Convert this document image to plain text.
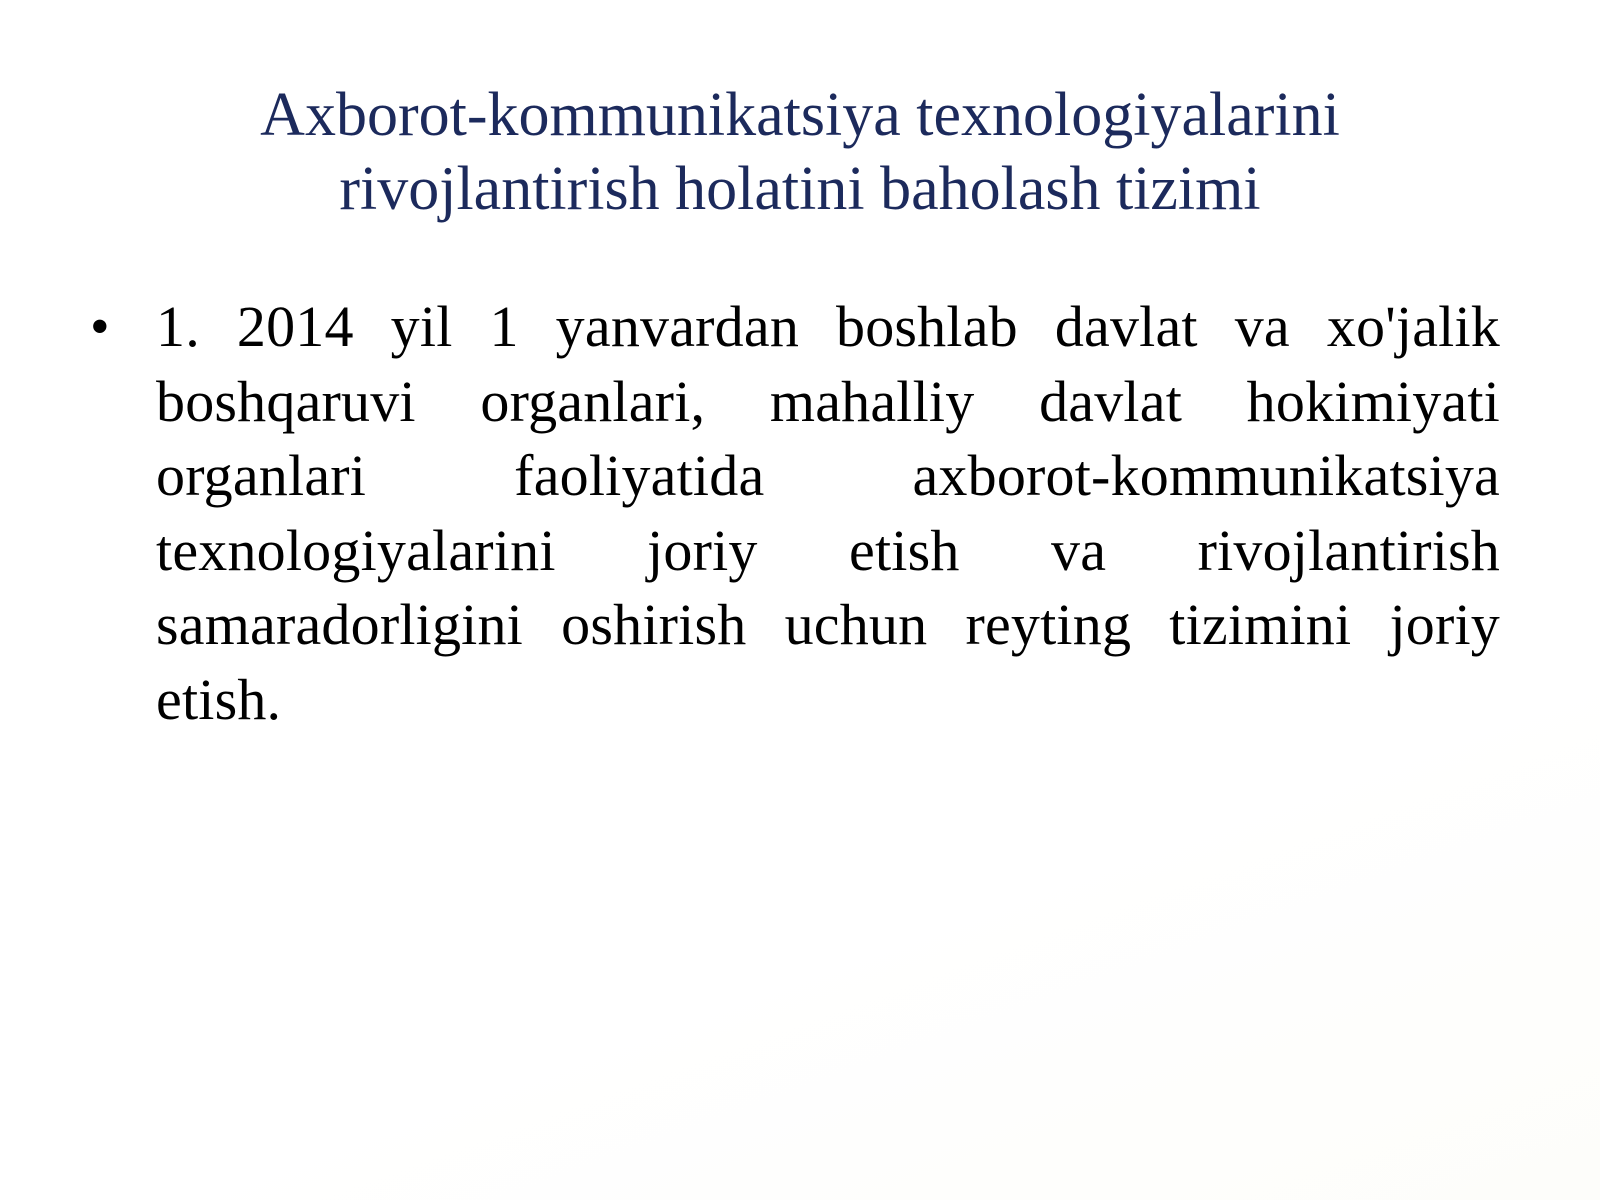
Axborot-kommunikatsiya texnologiyalarini
rivojlantirish holatini baholash tizimi
• 1. 2014 yil 1 yanvardan boshlab davlat va xo'jalik boshqaruvi organlari, mahalliy davlat hokimiyati organlari faoliyatida axborot-kommunikatsiya texnologiyalarini joriy etish va rivojlantirish samaradorligini oshirish uchun reyting tizimini joriy etish.
